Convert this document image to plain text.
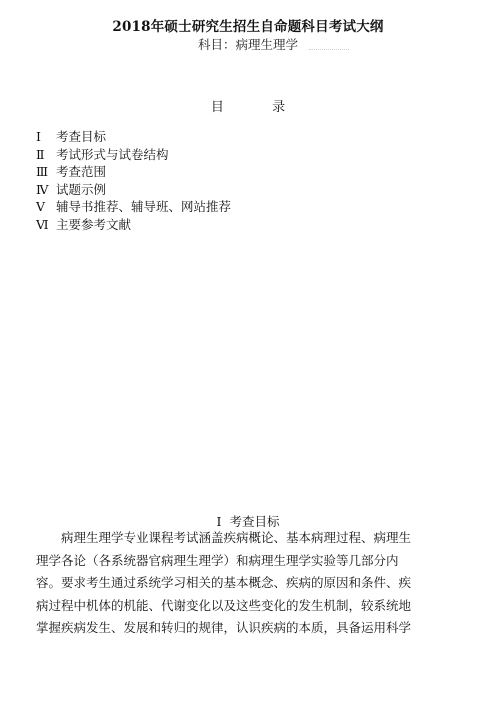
2018年硕士研究生招生自命题科目考试大纲
科目：病理生理学
目	录
Ⅰ 考查目标
Ⅱ 考试形式与试卷结构
Ⅲ 考查范围
Ⅳ 试题示例
Ⅴ 辅导书推荐、辅导班、网站推荐
Ⅵ 主要参考文献
Ⅰ 考查目标
病理生理学专业课程考试涵盖疾病概论、基本病理过程、病理生
理学各论（各系统器官病理生理学）和病理生理学实验等几部分内
容。要求考生通过系统学习相关的基本概念、疾病的原因和条件、疾
病过程中机体的机能、代谢变化以及这些变化的发生机制，较系统地
掌握疾病发生、发展和转归的规律，认识疾病的本质，具备运用科学
